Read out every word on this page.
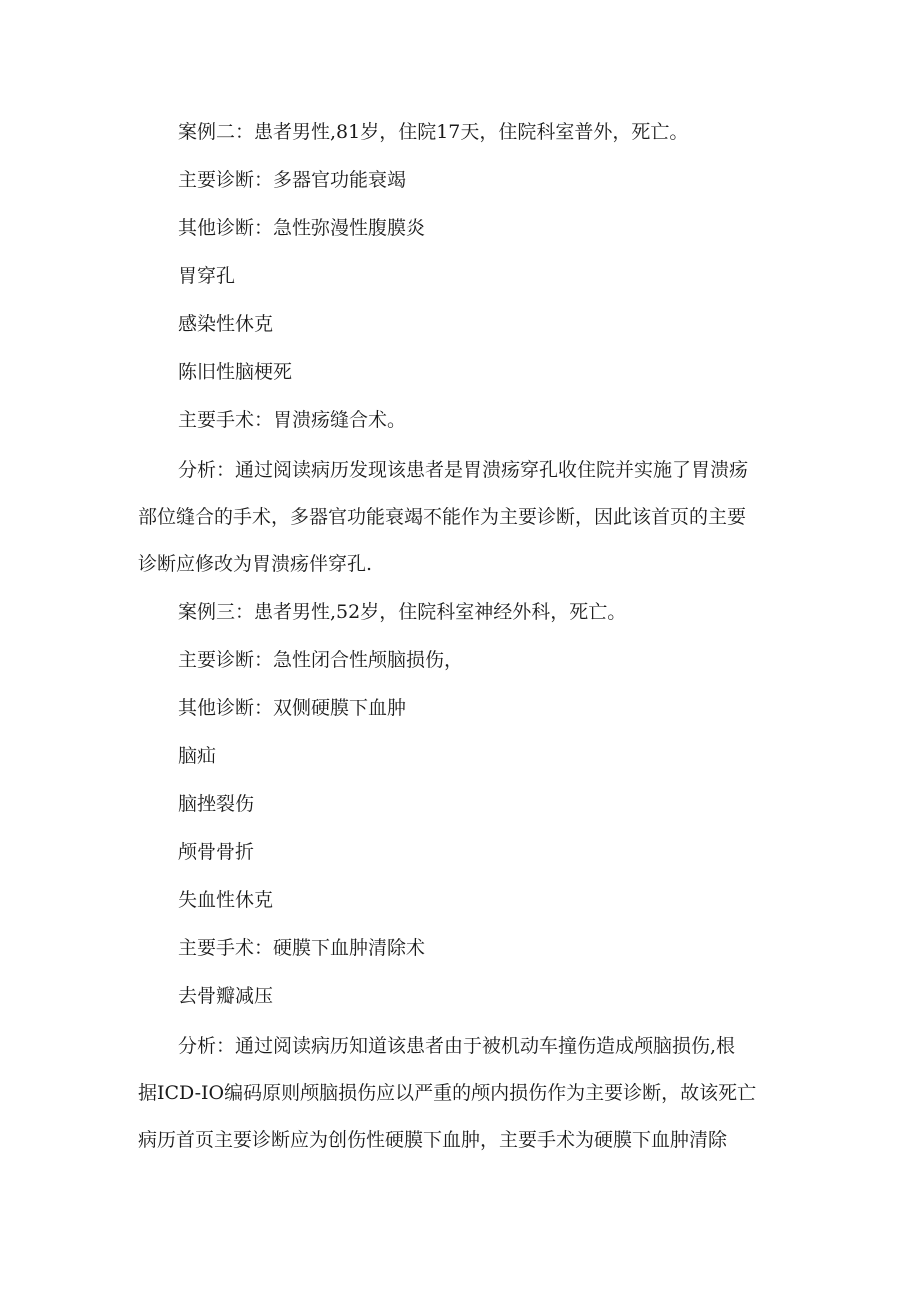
案例二：患者男性,81岁，住院17天，住院科室普外，死亡。
主要诊断：多器官功能衰竭
其他诊断：急性弥漫性腹膜炎
胃穿孔
感染性休克
陈旧性脑梗死
主要手术：胃溃疡缝合术。
分析：通过阅读病历发现该患者是胃溃疡穿孔收住院并实施了胃溃疡
部位缝合的手术，多器官功能衰竭不能作为主要诊断，因此该首页的主要
诊断应修改为胃溃疡伴穿孔.
案例三：患者男性,52岁，住院科室神经外科，死亡。
主要诊断：急性闭合性颅脑损伤，
其他诊断：双侧硬膜下血肿
脑疝
脑挫裂伤
颅骨骨折
失血性休克
主要手术：硬膜下血肿清除术
去骨瓣减压
分析：通过阅读病历知道该患者由于被机动车撞伤造成颅脑损伤,根
据ICD-IO编码原则颅脑损伤应以严重的颅内损伤作为主要诊断，故该死亡
病历首页主要诊断应为创伤性硬膜下血肿，主要手术为硬膜下血肿清除
